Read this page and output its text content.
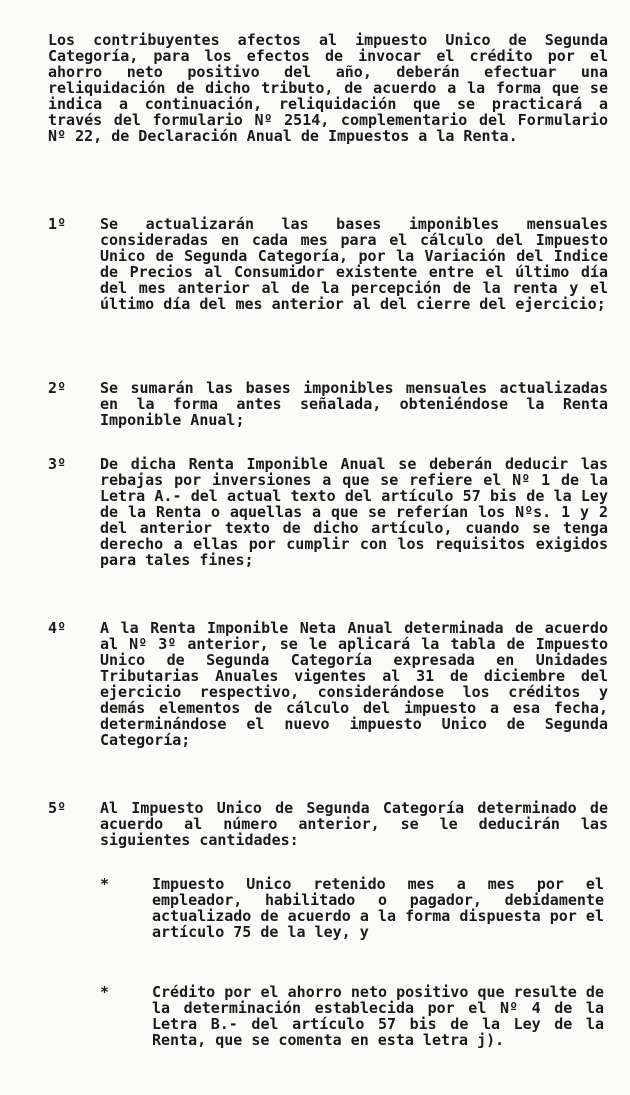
Los contribuyentes afectos al impuesto Unico de Segunda Categoría, para los efectos de invocar el crédito por el ahorro neto positivo del año, deberán efectuar una reliquidación de dicho tributo, de acuerdo a la forma que se indica a continuación, reliquidación que se practicará a través del formulario Nº 2514, complementario del Formulario Nº 22, de Declaración Anual de Impuestos a la Renta.

1º	Se actualizarán las bases imponibles mensuales consideradas en cada mes para el cálculo del Impuesto Unico de Segunda Categoría, por la Variación del Indice de Precios al Consumidor existente entre el último día del mes anterior al de la percepción de la renta y el último día del mes anterior al del cierre del ejercicio;

2º	Se sumarán las bases imponibles mensuales actualizadas en la forma antes señalada, obteniéndose la Renta Imponible Anual;

3º	De dicha Renta Imponible Anual se deberán deducir las rebajas por inversiones a que se refiere el Nº 1 de la Letra A.- del actual texto del artículo 57 bis de la Ley de la Renta o aquellas a que se referían los Nºs. 1 y 2 del anterior texto de dicho artículo, cuando se tenga derecho a ellas por cumplir con los requisitos exigidos para tales fines;

4º	A la Renta Imponible Neta Anual determinada de acuerdo al Nº 3º anterior, se le aplicará la tabla de Impuesto Unico de Segunda Categoría expresada en Unidades Tributarias Anuales vigentes al 31 de diciembre del ejercicio respectivo, considerándose los créditos y demás elementos de cálculo del impuesto a esa fecha, determinándose el nuevo impuesto Unico de Segunda Categoría;

5º	Al Impuesto Unico de Segunda Categoría determinado de acuerdo al número anterior, se le deducirán las siguientes cantidades:

*	Impuesto Unico retenido mes a mes por el empleador, habilitado o pagador, debidamente actualizado de acuerdo a la forma dispuesta por el artículo 75 de la ley, y

*	Crédito por el ahorro neto positivo que resulte de la determinación establecida por el Nº 4 de la Letra B.- del artículo 57 bis de la Ley de la Renta, que se comenta en esta letra j).
